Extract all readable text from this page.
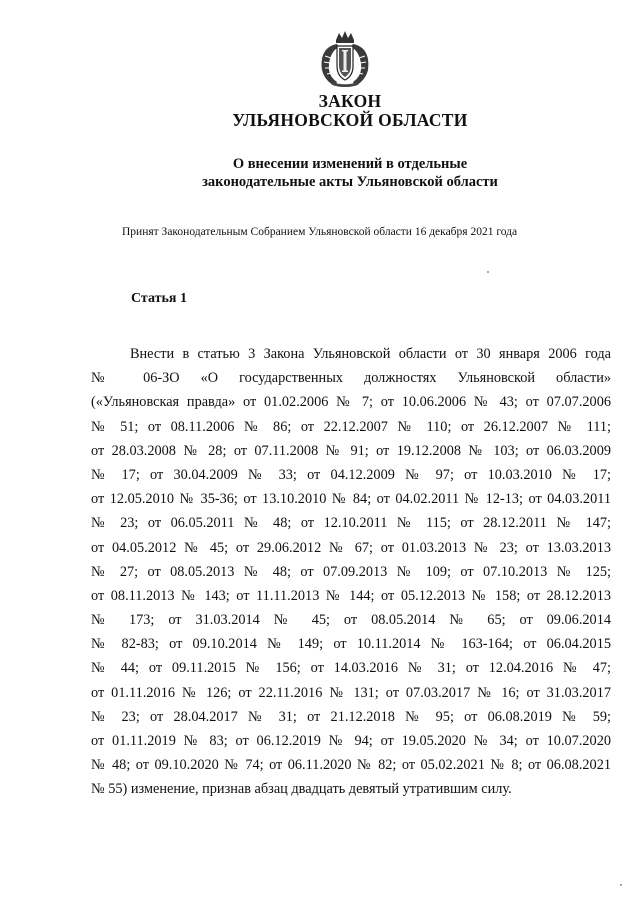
ЗАКОН
УЛЬЯНОВСКОЙ ОБЛАСТИ
О внесении изменений в отдельные
законодательные акты Ульяновской области
Принят Законодательным Собранием Ульяновской области 16 декабря 2021 года
Статья 1
Внести в статью 3 Закона Ульяновской области от 30 января 2006 года
№ 06-ЗО «О государственных должностях Ульяновской области»
(«Ульяновская правда» от 01.02.2006 № 7; от 10.06.2006 № 43; от 07.07.2006
№ 51; от 08.11.2006 № 86; от 22.12.2007 № 110; от 26.12.2007 № 111;
от 28.03.2008 № 28; от 07.11.2008 № 91; от 19.12.2008 № 103; от 06.03.2009
№ 17; от 30.04.2009 № 33; от 04.12.2009 № 97; от 10.03.2010 № 17;
от 12.05.2010 № 35-36; от 13.10.2010 № 84; от 04.02.2011 № 12-13; от 04.03.2011
№ 23; от 06.05.2011 № 48; от 12.10.2011 № 115; от 28.12.2011 № 147;
от 04.05.2012 № 45; от 29.06.2012 № 67; от 01.03.2013 № 23; от 13.03.2013
№ 27; от 08.05.2013 № 48; от 07.09.2013 № 109; от 07.10.2013 № 125;
от 08.11.2013 № 143; от 11.11.2013 № 144; от 05.12.2013 № 158; от 28.12.2013
№ 173; от 31.03.2014 № 45; от 08.05.2014 № 65; от 09.06.2014
№ 82-83; от 09.10.2014 № 149; от 10.11.2014 № 163-164; от 06.04.2015
№ 44; от 09.11.2015 № 156; от 14.03.2016 № 31; от 12.04.2016 № 47;
от 01.11.2016 № 126; от 22.11.2016 № 131; от 07.03.2017 № 16; от 31.03.2017
№ 23; от 28.04.2017 № 31; от 21.12.2018 № 95; от 06.08.2019 № 59;
от 01.11.2019 № 83; от 06.12.2019 № 94; от 19.05.2020 № 34; от 10.07.2020
№ 48; от 09.10.2020 № 74; от 06.11.2020 № 82; от 05.02.2021 № 8; от 06.08.2021
№ 55) изменение, признав абзац двадцать девятый утратившим силу.
